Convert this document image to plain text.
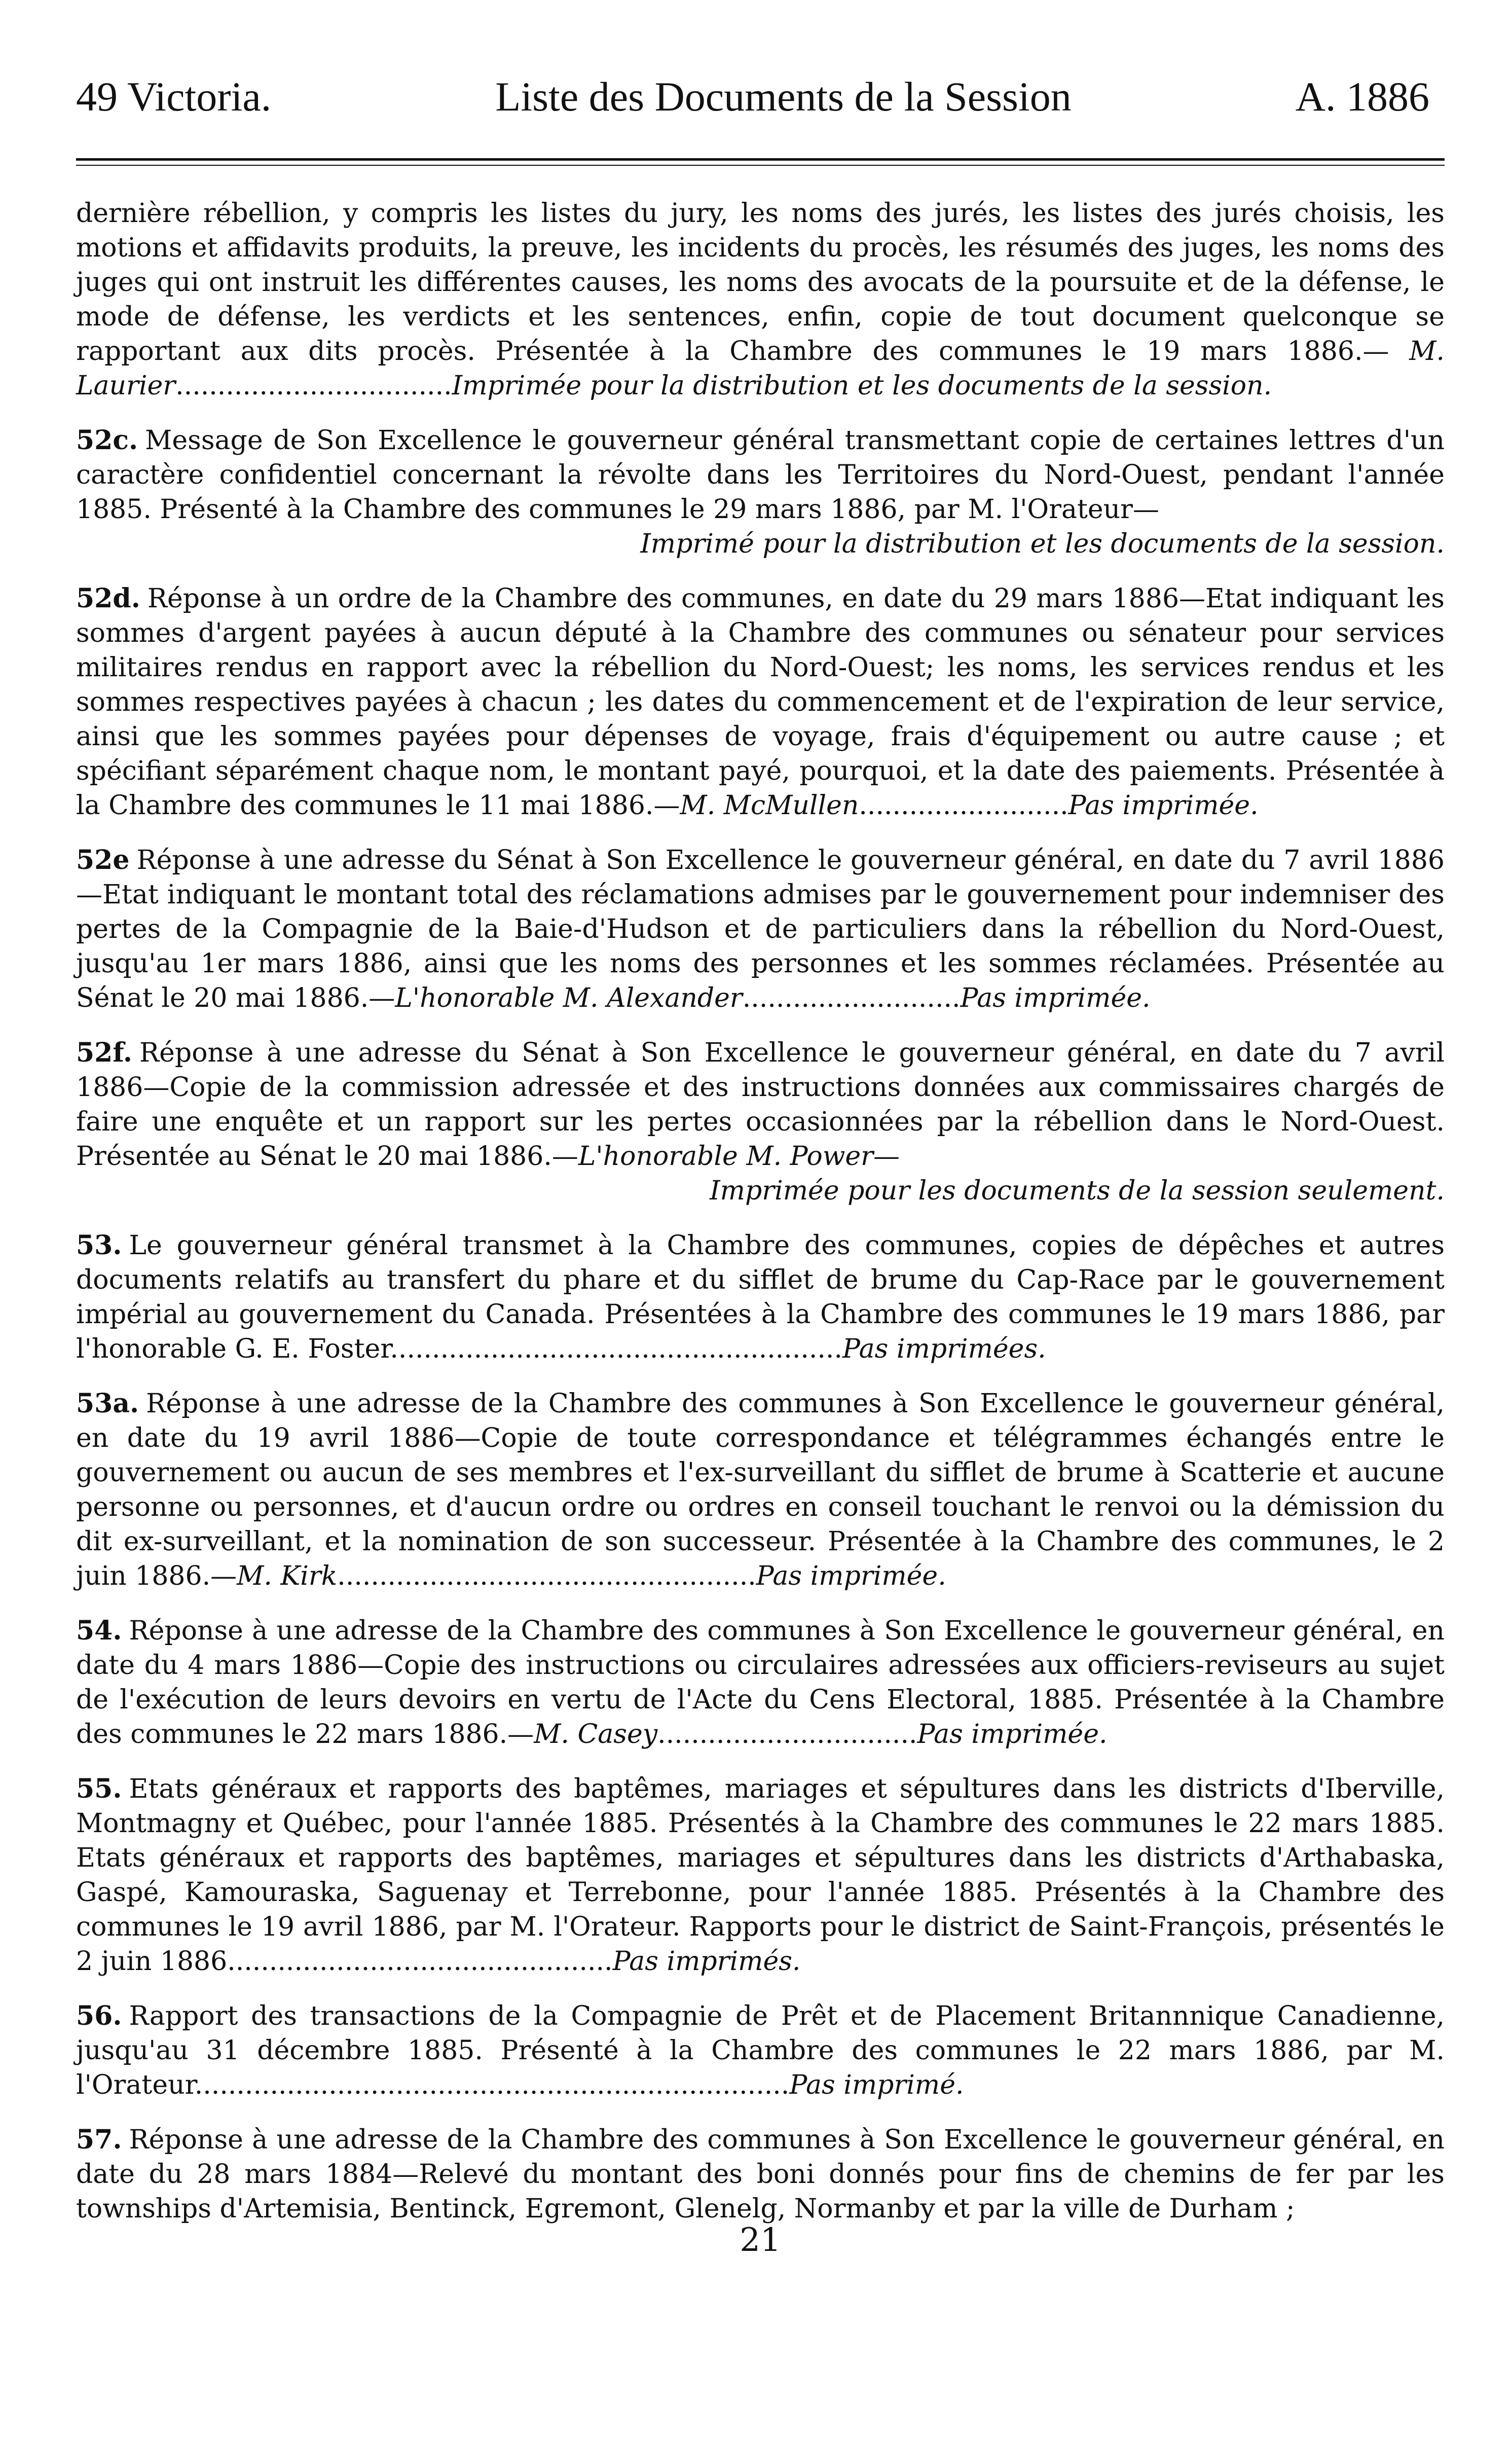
49 Victoria.	Liste des Documents de la Session	A. 1886
dernière rébellion, y compris les listes du jury, les noms des jurés, les listes des jurés choisis, les motions et affidavits produits, la preuve, les incidents du procès, les résumés des juges, les noms des juges qui ont instruit les différentes causes, les noms des avocats de la poursuite et de la défense, le mode de défense, les verdicts et les sentences, enfin, copie de tout document quelconque se rapportant aux dits procès. Présentée à la Chambre des communes le 19 mars 1886.— M. Laurier.................................Imprimée pour la distribution et les documents de la session.
52c. Message de Son Excellence le gouverneur général transmettant copie de certaines lettres d'un caractère confidentiel concernant la révolte dans les Territoires du Nord-Ouest, pendant l'année 1885. Présenté à la Chambre des communes le 29 mars 1886, par M. l'Orateur—
Imprimé pour la distribution et les documents de la session.
52d. Réponse à un ordre de la Chambre des communes, en date du 29 mars 1886—Etat indiquant les sommes d'argent payées à aucun député à la Chambre des communes ou sénateur pour services militaires rendus en rapport avec la rébellion du Nord-Ouest; les noms, les services rendus et les sommes respectives payées à chacun ; les dates du commencement et de l'expiration de leur service, ainsi que les sommes payées pour dépenses de voyage, frais d'équipement ou autre cause ; et spécifiant séparément chaque nom, le montant payé, pourquoi, et la date des paiements. Présentée à la Chambre des communes le 11 mai 1886.—M. McMullen.........................Pas imprimée.
52e Réponse à une adresse du Sénat à Son Excellence le gouverneur général, en date du 7 avril 1886—Etat indiquant le montant total des réclamations admises par le gouvernement pour indemniser des pertes de la Compagnie de la Baie-d'Hudson et de particuliers dans la rébellion du Nord-Ouest, jusqu'au 1er mars 1886, ainsi que les noms des personnes et les sommes réclamées. Présentée au Sénat le 20 mai 1886.—L'honorable M. Alexander..........................Pas imprimée.
52f. Réponse à une adresse du Sénat à Son Excellence le gouverneur général, en date du 7 avril 1886—Copie de la commission adressée et des instructions données aux commissaires chargés de faire une enquête et un rapport sur les pertes occasionnées par la rébellion dans le Nord-Ouest. Présentée au Sénat le 20 mai 1886.—L'honorable M. Power—
Imprimée pour les documents de la session seulement.
53. Le gouverneur général transmet à la Chambre des communes, copies de dépêches et autres documents relatifs au transfert du phare et du sifflet de brume du Cap-Race par le gouvernement impérial au gouvernement du Canada. Présentées à la Chambre des communes le 19 mars 1886, par l'honorable G. E. Foster......................................................Pas imprimées.
53a. Réponse à une adresse de la Chambre des communes à Son Excellence le gouverneur général, en date du 19 avril 1886—Copie de toute correspondance et télégrammes échangés entre le gouvernement ou aucun de ses membres et l'ex-surveillant du sifflet de brume à Scatterie et aucune personne ou personnes, et d'aucun ordre ou ordres en conseil touchant le renvoi ou la démission du dit ex-surveillant, et la nomination de son successeur. Présentée à la Chambre des communes, le 2 juin 1886.—M. Kirk..................................................Pas imprimée.
54. Réponse à une adresse de la Chambre des communes à Son Excellence le gouverneur général, en date du 4 mars 1886—Copie des instructions ou circulaires adressées aux officiers-reviseurs au sujet de l'exécution de leurs devoirs en vertu de l'Acte du Cens Electoral, 1885. Présentée à la Chambre des communes le 22 mars 1886.—M. Casey...............................Pas imprimée.
55. Etats généraux et rapports des baptêmes, mariages et sépultures dans les districts d'Iberville, Montmagny et Québec, pour l'année 1885. Présentés à la Chambre des communes le 22 mars 1885. Etats généraux et rapports des baptêmes, mariages et sépultures dans les districts d'Arthabaska, Gaspé, Kamouraska, Saguenay et Terrebonne, pour l'année 1885. Présentés à la Chambre des communes le 19 avril 1886, par M. l'Orateur. Rapports pour le district de Saint-François, présentés le 2 juin 1886..............................................Pas imprimés.
56. Rapport des transactions de la Compagnie de Prêt et de Placement Britannnique Canadienne, jusqu'au 31 décembre 1885. Présenté à la Chambre des communes le 22 mars 1886, par M. l'Orateur.......................................................................Pas imprimé.
57. Réponse à une adresse de la Chambre des communes à Son Excellence le gouverneur général, en date du 28 mars 1884—Relevé du montant des boni donnés pour fins de chemins de fer par les townships d'Artemisia, Bentinck, Egremont, Glenelg, Normanby et par la ville de Durham ;
21
